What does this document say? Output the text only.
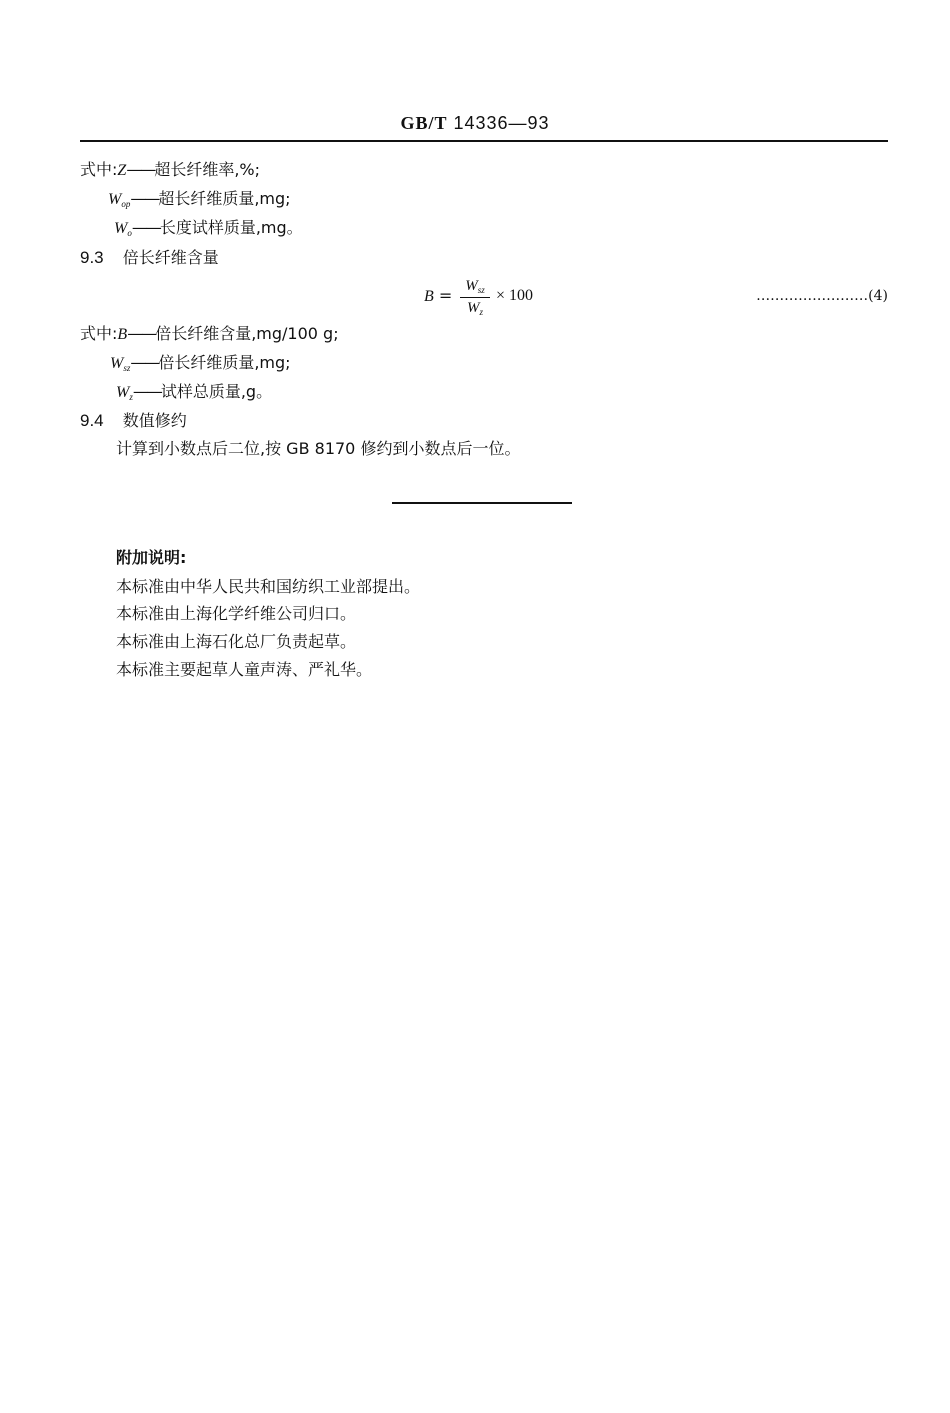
GB/T 14336—93
式中:Z——超长纤维率,%;
$W_{op}——$超长纤维质量,mg;
$W_o——$长度试样质量,mg。
9.3 倍长纤维含量
$B = W_{sz}$
$W_z$
× 100	……………………(4)
式中:B——倍长纤维含量,mg/100 g;
$W_{sz}——$倍长纤维质量,mg;
$W_z——$试样总质量,g。
9.4 数值修约
计算到小数点后二位,按 GB 8170 修约到小数点后一位。
附加说明:
本标准由中华人民共和国纺织工业部提出。
本标准由上海化学纤维公司归口。
本标准由上海石化总厂负责起草。
本标准主要起草人童声涛、严礼华。
